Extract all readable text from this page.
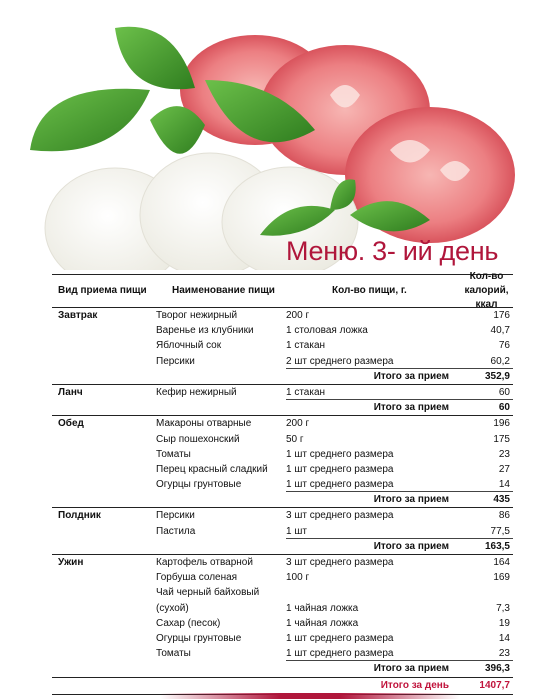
Меню. 3- ий день
Вид приема пищи	Наименование пищи	Кол-во пищи, г.
Кол-во
калорий, ккал
Завтрак	Творог нежирный	200 г	176
Варенье из клубники	1 столовая ложка	40,7
Яблочный сок	1 стакан	76
Персики	2 шт среднего размера	60,2
Итого за прием	352,9
Ланч	Кефир нежирный	1 стакан	60
Итого за прием	60
Обед	Макароны отварные	200 г	196
Сыр пошехонский	50 г	175
Томаты	1 шт среднего размера	23
Перец красный сладкий	1 шт среднего размера	27
Огурцы грунтовые	1 шт среднего размера	14
Итого за прием	435
Полдник	Персики	3 шт среднего размера	86
Пастила	1 шт	77,5
Итого за прием	163,5
Ужин	Картофель отварной	3 шт среднего размера	164
Горбуша соленая	100 г	169
Чай черный байховый
(сухой)	1 чайная ложка	7,3
Сахар (песок)	1 чайная ложка	19
Огурцы грунтовые	1 шт среднего размера	14
Томаты	1 шт среднего размера	23
Итого за прием	396,3
Итого за день	1407,7
